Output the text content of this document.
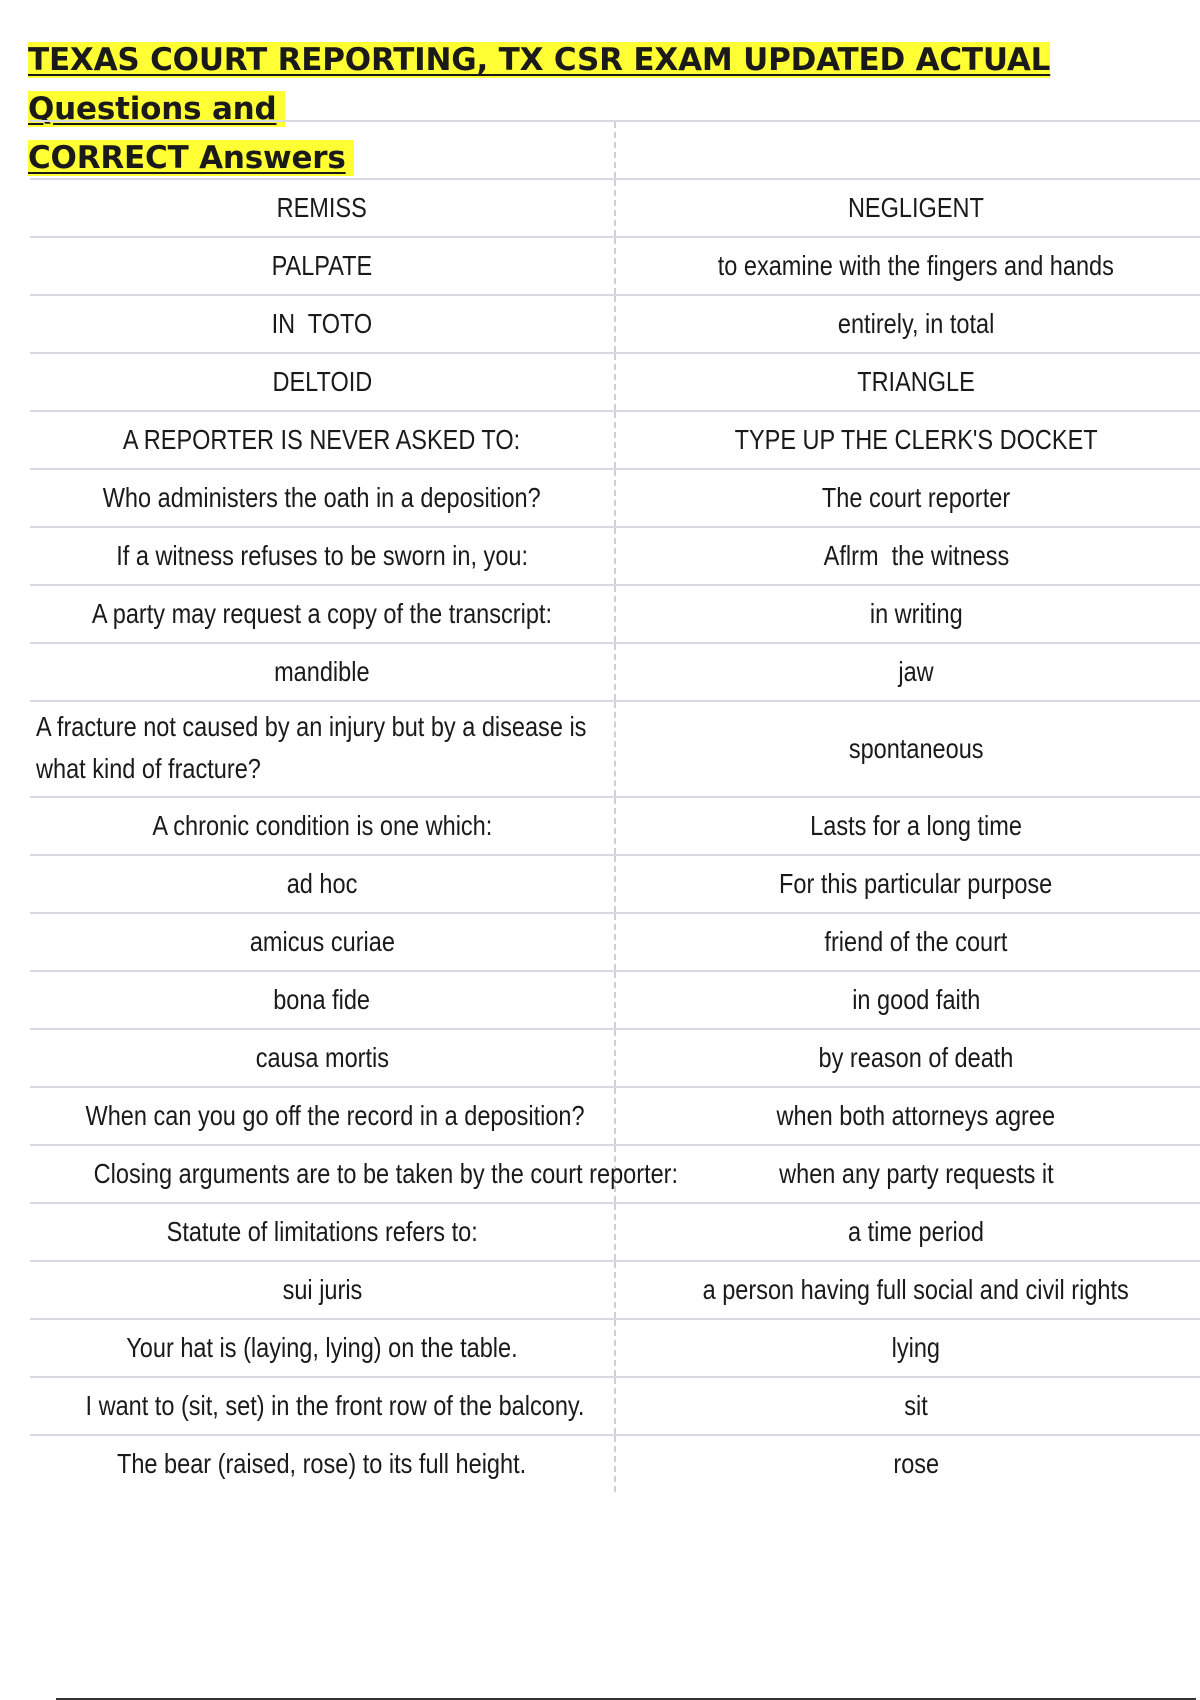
TEXAS COURT REPORTING, TX CSR EXAM UPDATED ACTUAL Questions and
CORRECT Answers

REMISS	NEGLIGENT
PALPATE	to examine with the fingers and hands
IN  TOTO	entirely, in total
DELTOID	TRIANGLE
A REPORTER IS NEVER ASKED TO:	TYPE UP THE CLERK'S DOCKET
Who administers the oath in a deposition?	The court reporter
If a witness refuses to be sworn in, you:	Aflrm  the witness
A party may request a copy of the transcript:	in writing
mandible	jaw
A fracture not caused by an injury but by a disease is what kind of fracture?	spontaneous
A chronic condition is one which:	Lasts for a long time
ad hoc	For this particular purpose
amicus curiae	friend of the court
bona fide	in good faith
causa mortis	by reason of death
When can you go off the record in a deposition?	when both attorneys agree
Closing arguments are to be taken by the court reporter:	when any party requests it
Statute of limitations refers to:	a time period
sui juris	a person having full social and civil rights
Your hat is (laying, lying) on the table.	lying
I want to (sit, set) in the front row of the balcony.	sit
The bear (raised, rose) to its full height.	rose
